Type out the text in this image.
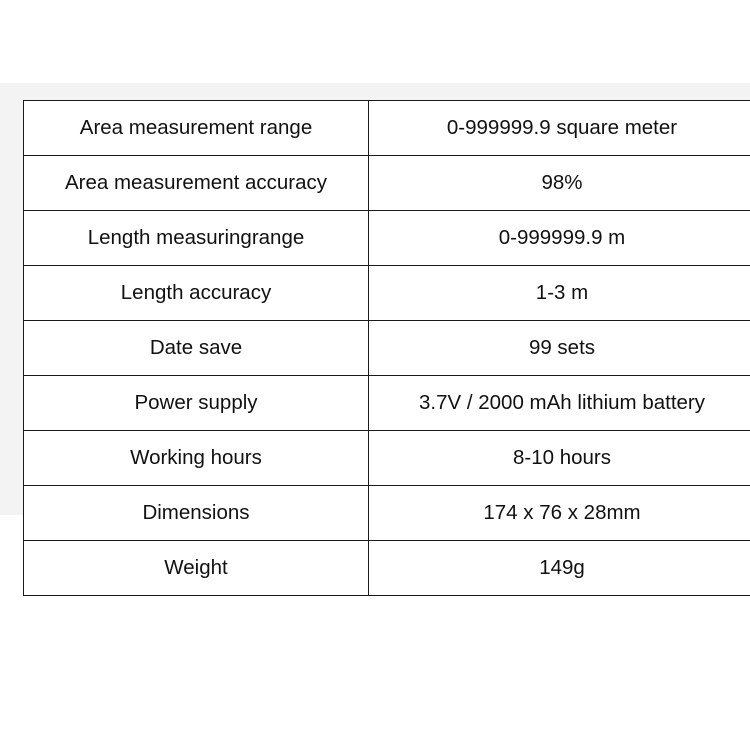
Area measurement range	0-999999.9 square meter
Area measurement accuracy	98%
Length measuringrange	0-999999.9 m
Length accuracy	1-3 m
Date save	99 sets
Power supply	3.7V / 2000 mAh lithium battery
Working hours	8-10 hours
Dimensions	174 x 76 x 28mm
Weight	149g
